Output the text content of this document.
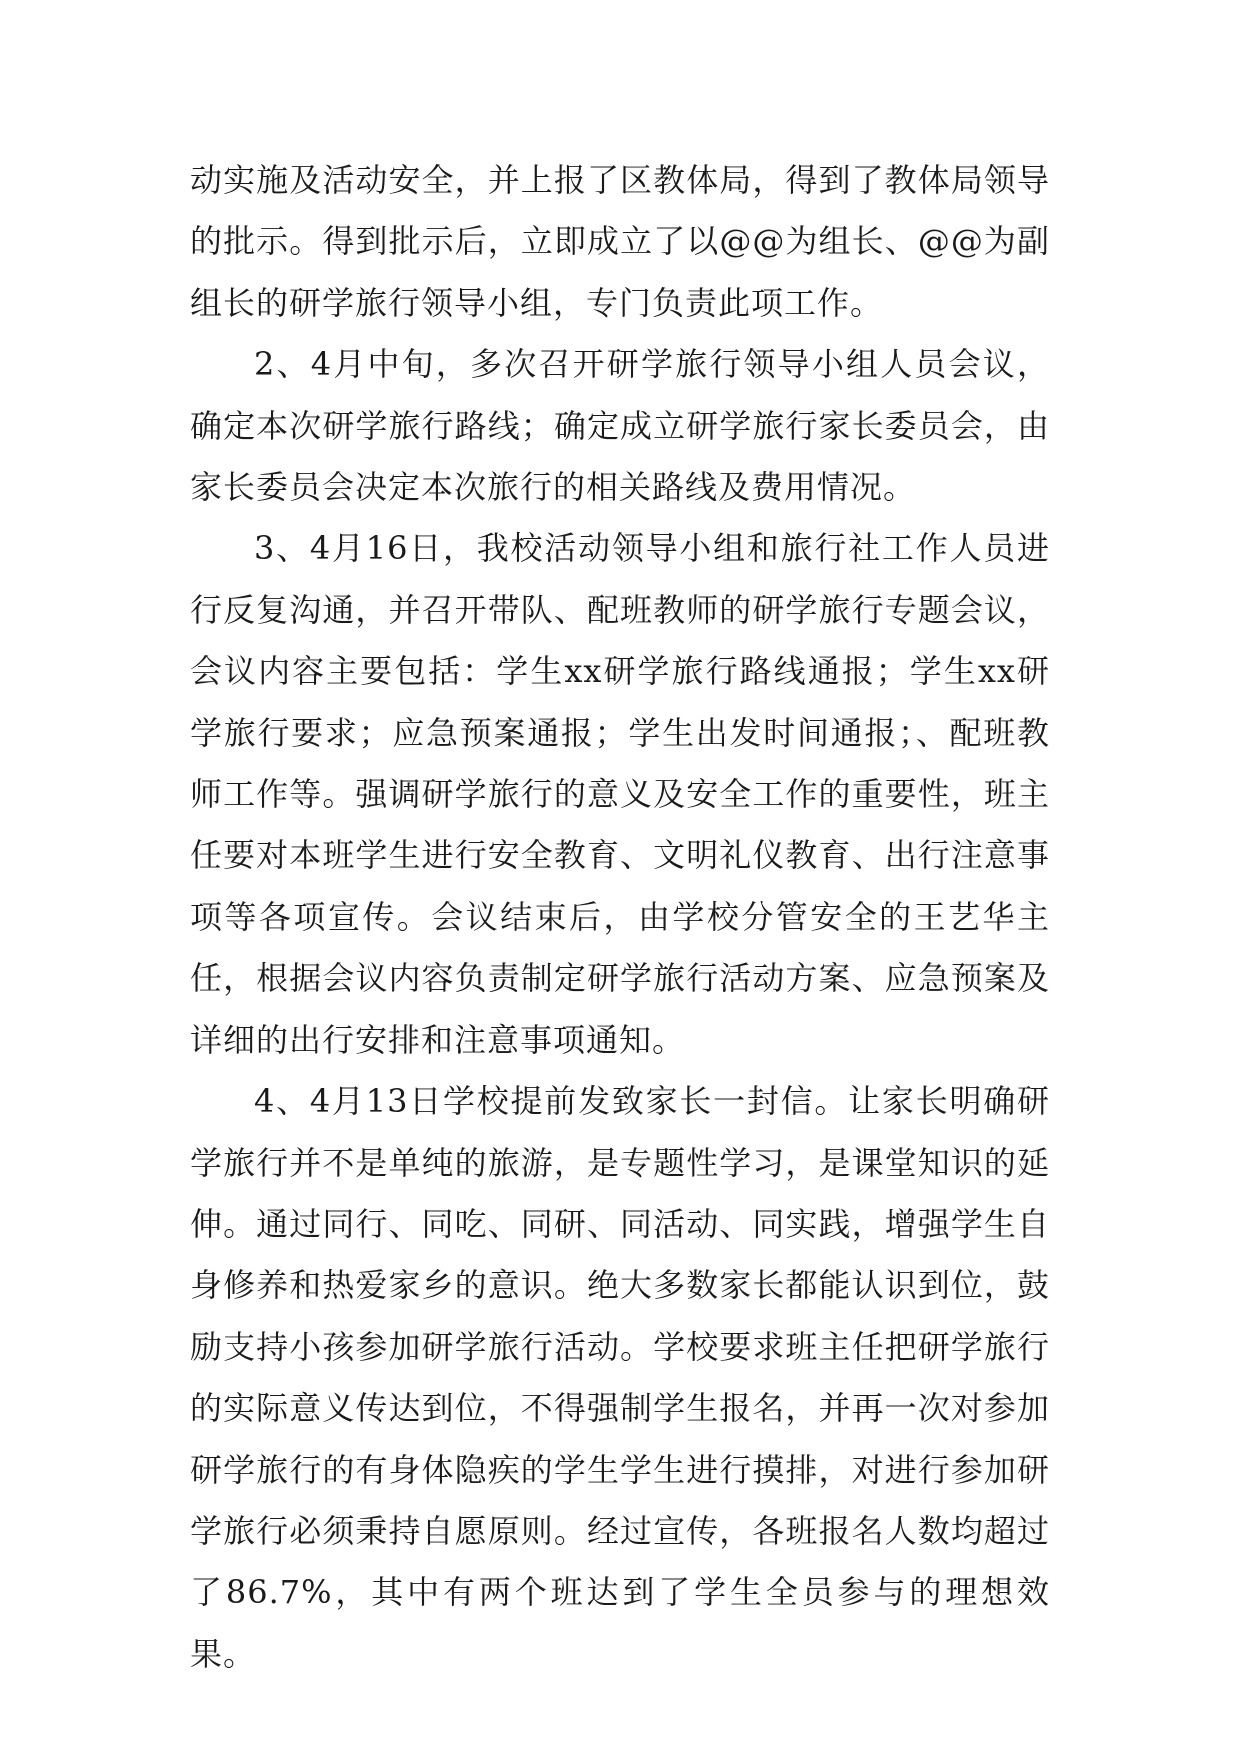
动实施及活动安全，并上报了区教体局，得到了教体局领导的批示。得到批示后，立即成立了以@@为组长、@@为副组长的研学旅行领导小组，专门负责此项工作。

2、4月中旬，多次召开研学旅行领导小组人员会议，确定本次研学旅行路线；确定成立研学旅行家长委员会，由家长委员会决定本次旅行的相关路线及费用情况。

3、4月16日，我校活动领导小组和旅行社工作人员进行反复沟通，并召开带队、配班教师的研学旅行专题会议，会议内容主要包括：学生xx研学旅行路线通报；学生xx研学旅行要求；应急预案通报；学生出发时间通报；、配班教师工作等。强调研学旅行的意义及安全工作的重要性，班主任要对本班学生进行安全教育、文明礼仪教育、出行注意事项等各项宣传。会议结束后，由学校分管安全的王艺华主任，根据会议内容负责制定研学旅行活动方案、应急预案及详细的出行安排和注意事项通知。

4、4月13日学校提前发致家长一封信。让家长明确研学旅行并不是单纯的旅游，是专题性学习，是课堂知识的延伸。通过同行、同吃、同研、同活动、同实践，增强学生自身修养和热爱家乡的意识。绝大多数家长都能认识到位，鼓励支持小孩参加研学旅行活动。学校要求班主任把研学旅行的实际意义传达到位，不得强制学生报名，并再一次对参加研学旅行的有身体隐疾的学生学生进行摸排，对进行参加研学旅行必须秉持自愿原则。经过宣传，各班报名人数均超过了86.7%，其中有两个班达到了学生全员参与的理想效果。
